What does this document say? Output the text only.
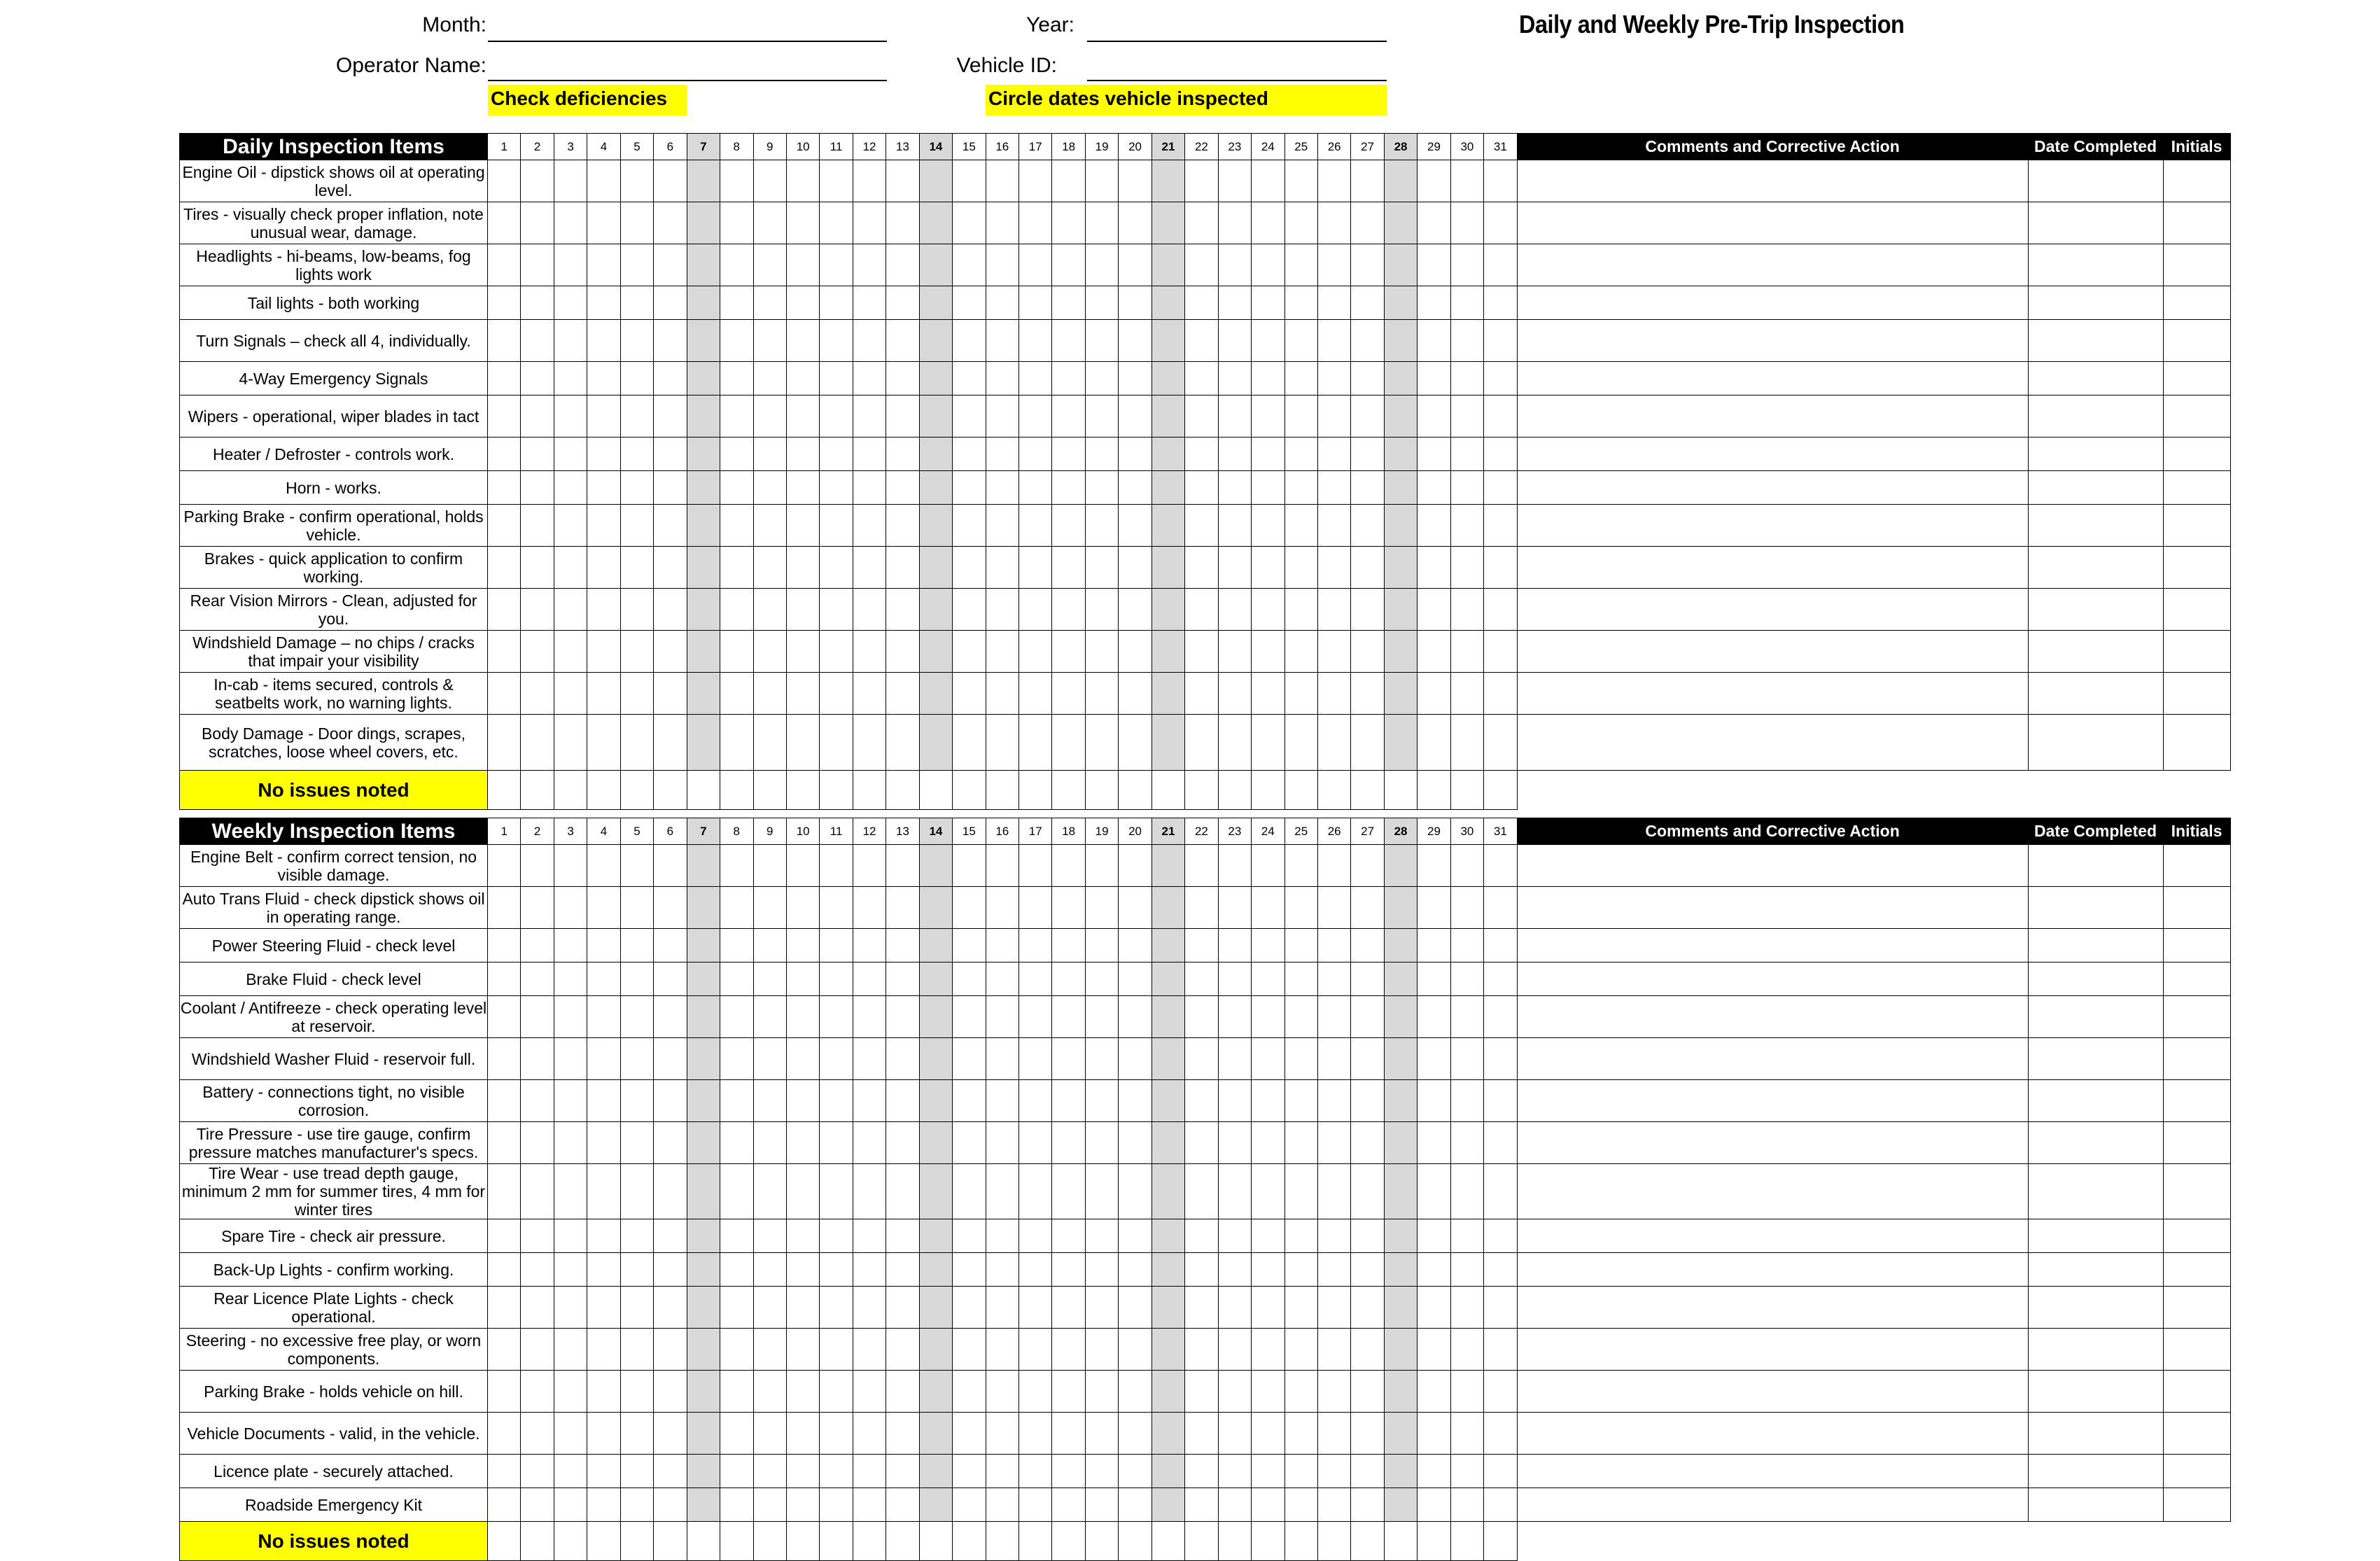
Month:	Year:
Operator Name:	Vehicle ID:
Daily and Weekly Pre-Trip Inspection
Check deficiencies	Circle dates vehicle inspected
Daily Inspection Items	1	2	3	4	5	6	7	8	9	10	11	12	13	14	15	16	17	18	19	20	21	22	23	24	25	26	27	28	29	30	31	Comments and Corrective Action	Date Completed	Initials
Engine Oil - dipstick shows oil at operating level.																																		
Tires - visually check proper inflation, note unusual wear, damage.																																		
Headlights - hi-beams, low-beams, fog lights work																																		
Tail lights - both working																																		
Turn Signals – check all 4, individually.																																		
4-Way Emergency Signals																																		
Wipers - operational, wiper blades in tact																																		
Heater / Defroster - controls work.																																		
Horn - works.																																		
Parking Brake - confirm operational, holds vehicle.																																		
Brakes - quick application to confirm working.																																		
Rear Vision Mirrors - Clean, adjusted for you.																																		
Windshield Damage – no chips / cracks that impair your visibility																																		
In-cab - items secured, controls & seatbelts work, no warning lights.																																		
Body Damage - Door dings, scrapes, scratches, loose wheel covers, etc.																																		
No issues noted																																		
Weekly Inspection Items	1	2	3	4	5	6	7	8	9	10	11	12	13	14	15	16	17	18	19	20	21	22	23	24	25	26	27	28	29	30	31	Comments and Corrective Action	Date Completed	Initials
Engine Belt - confirm correct tension, no visible damage.																																		
Auto Trans Fluid - check dipstick shows oil in operating range.																																		
Power Steering Fluid - check level																																		
Brake Fluid - check level																																		
Coolant / Antifreeze - check operating level at reservoir.																																		
Windshield Washer Fluid - reservoir full.																																		
Battery - connections tight, no visible corrosion.																																		
Tire Pressure - use tire gauge, confirm pressure matches manufacturer's specs.																																		
Tire Wear - use tread depth gauge, minimum 2 mm for summer tires, 4 mm for winter tires																																		
Spare Tire - check air pressure.																																		
Back-Up Lights - confirm working.																																		
Rear Licence Plate Lights - check operational.																																		
Steering - no excessive free play, or worn components.																																		
Parking Brake - holds vehicle on hill.																																		
Vehicle Documents - valid, in the vehicle.																																		
Licence plate - securely attached.																																		
Roadside Emergency Kit																																		
No issues noted																																		
